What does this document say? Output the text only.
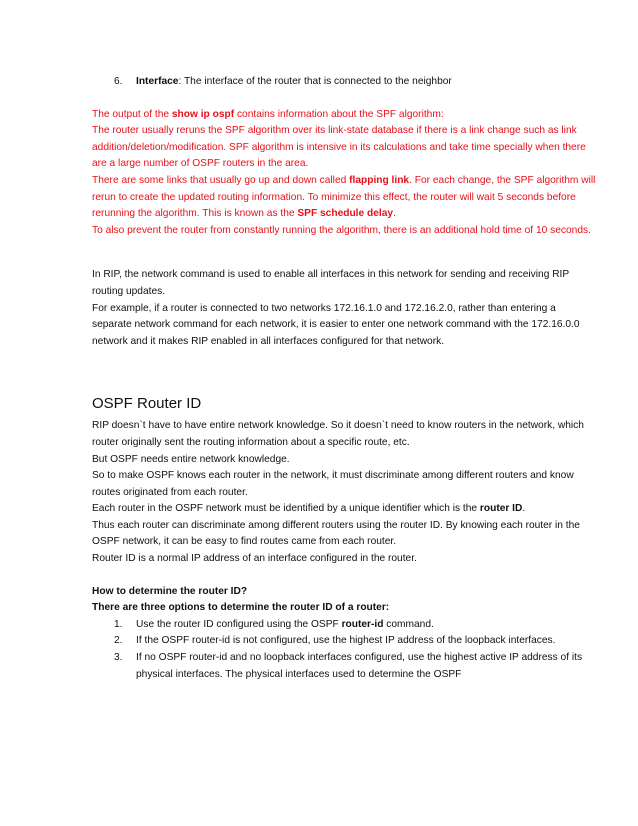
6.	Interface: The interface of the router that is connected to the neighbor

The output of the show ip ospf contains information about the SPF algorithm:

The router usually reruns the SPF algorithm over its link-state database if there is a link change such as link addition/deletion/modification. SPF algorithm is intensive in its calculations and take time specially when there are a large number of OSPF routers in the area.

There are some links that usually go up and down called flapping link. For each change, the SPF algorithm will rerun to create the updated routing information. To minimize this effect, the router will wait 5 seconds before rerunning the algorithm. This is known as the SPF schedule delay.

To also prevent the router from constantly running the algorithm, there is an additional hold time of 10 seconds.

In RIP, the network command is used to enable all interfaces in this network for sending and receiving RIP routing updates.

For example, if a router is connected to two networks 172.16.1.0 and 172.16.2.0, rather than entering a separate network command for each network, it is easier to enter one network command with the 172.16.0.0 network and it makes RIP enabled in all interfaces configured for that network.

OSPF Router ID

RIP doesn`t have to have entire network knowledge. So it doesn`t need to know routers in the network, which router originally sent the routing information about a specific route, etc.

But OSPF needs entire network knowledge.

So to make OSPF knows each router in the network, it must discriminate among different routers and know routes originated from each router.

Each router in the OSPF network must be identified by a unique identifier which is the router ID.

Thus each router can discriminate among different routers using the router ID. By knowing each router in the OSPF network, it can be easy to find routes came from each router.

Router ID is a normal IP address of an interface configured in the router.

How to determine the router ID?

There are three options to determine the router ID of a router:

1.	Use the router ID configured using the OSPF router-id command.
2.	If the OSPF router-id is not configured, use the highest IP address of the loopback interfaces.
3.	If no OSPF router-id and no loopback interfaces configured, use the highest active IP address of its physical interfaces. The physical interfaces used to determine the OSPF
